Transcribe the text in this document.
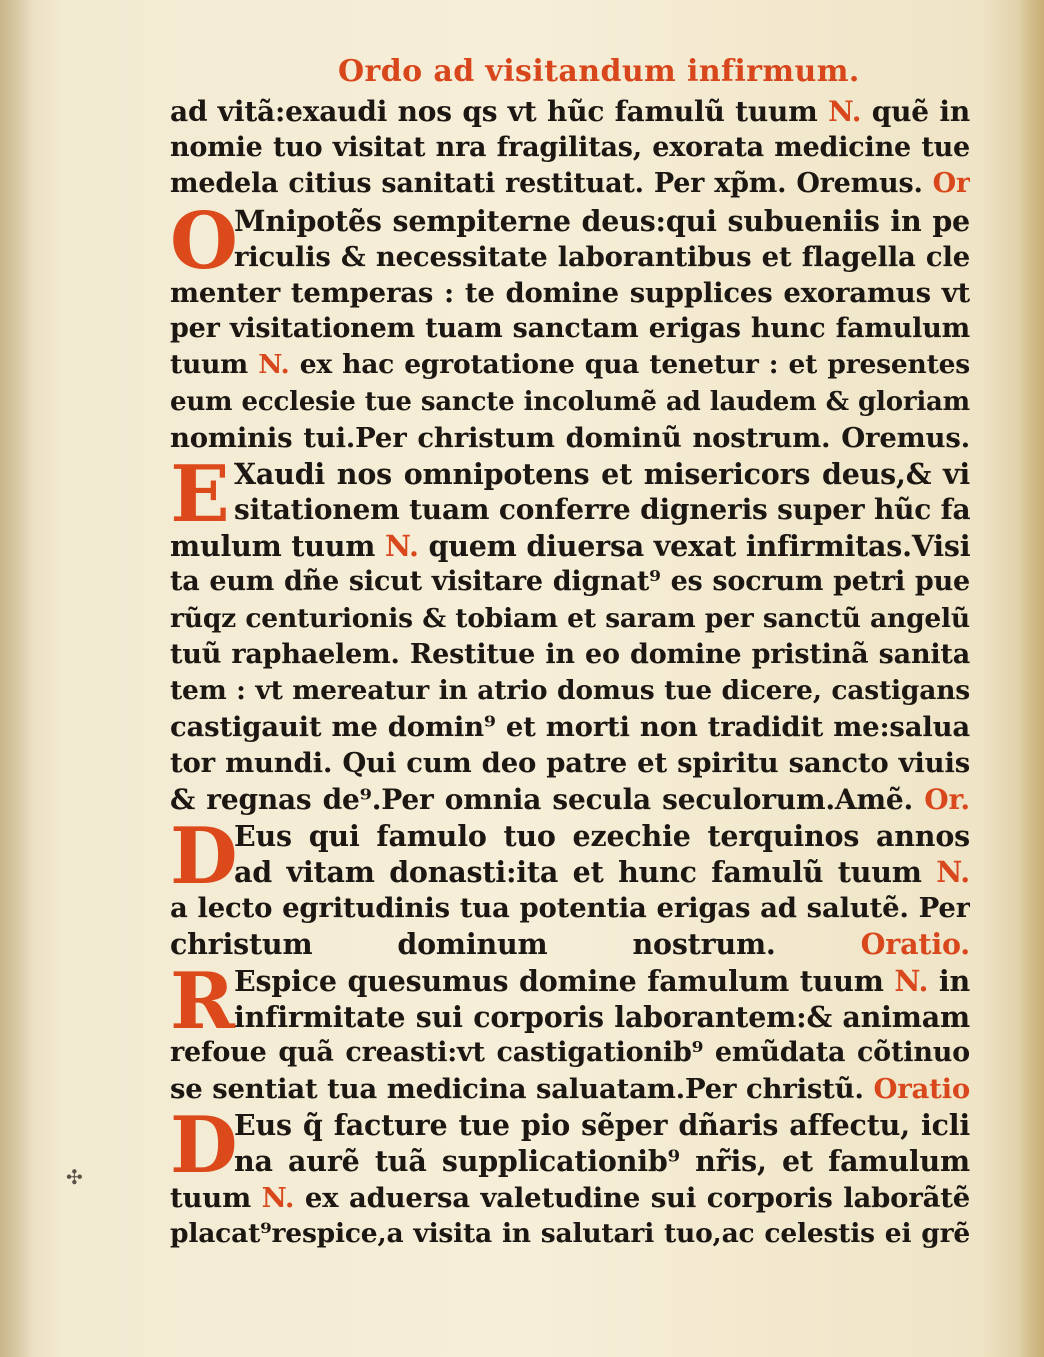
Ordo ad visitandum infirmum.
ad vitã:exaudi nos qs vt hũc famulũ tuum N. quẽ in
nomie tuo visitat nra fragilitas, exorata medicine tue
medela citius sanitati restituat. Per xp̃m. Oremus. Or
O
Mnipotẽs sempiterne deus:qui subueniis in pe
riculis & necessitate laborantibus et flagella cle
menter temperas : te domine supplices exoramus vt
per visitationem tuam sanctam erigas hunc famulum
tuum N. ex hac egrotatione qua tenetur : et presentes
eum ecclesie tue sancte incolumẽ ad laudem & gloriam
nominis tui.Per christum dominũ nostrum. Oremus.
E Xaudi nos omnipotens et misericors deus,& vi
sitationem tuam conferre digneris super hũc fa
mulum tuum N. quem diuersa vexat infirmitas.Visi
ta eum dñe sicut visitare dignat⁹ es socrum petri pue
rũqz centurionis & tobiam et saram per sanctũ angelũ
tuũ raphaelem. Restitue in eo domine pristinã sanita
tem : vt mereatur in atrio domus tue dicere, castigans
castigauit me domin⁹ et morti non tradidit me:salua
tor mundi. Qui cum deo patre et spiritu sancto viuis
& regnas de⁹.Per omnia secula seculorum.Amẽ. Or.
D
Eus qui famulo tuo ezechie terquinos annos
ad vitam donasti:ita et hunc famulũ tuum N.
a lecto egritudinis tua potentia erigas ad salutẽ. Per
christum dominum nostrum.	Oratio.
R Espice quesumus domine famulum tuum N. in
infirmitate sui corporis laborantem:& animam
refoue quã creasti:vt castigationib⁹ emũdata cõtinuo
se sentiat tua medicina saluatam.Per christũ. Oratio
D
Eus q̃ facture tue pio sẽper dñaris affectu, icli
na aurẽ tuã supplicationib⁹ nr̃is, et famulum
tuum N. ex aduersa valetudine sui corporis laborãtẽ
placat⁹respice,a visita in salutari tuo,ac celestis ei grẽ
✣
